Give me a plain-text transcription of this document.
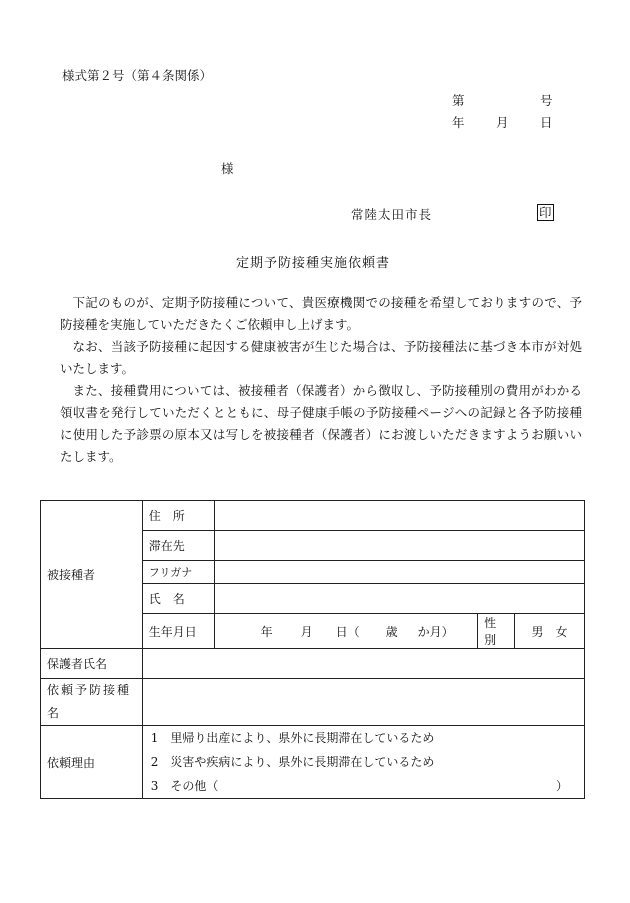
様式第２号（第４条関係）
第	号
年	月	日
様
常陸太田市長	印
定期予防接種実施依頼書

下記のものが、定期予防接種について、貴医療機関での接種を希望しておりますので、予防接種を実施していただきたくご依頼申し上げます。

なお、当該予防接種に起因する健康被害が生じた場合は、予防接種法に基づき本市が対処いたします。

また、接種費用については、被接種者（保護者）から徴収し、予防接種別の費用がわかる領収書を発行していただくとともに、母子健康手帳の予防接種ページへの記録と各予防接種に使用した予診票の原本又は写しを被接種者（保護者）にお渡しいただきますようお願いいたします。

被接種者	住　所			
	滞在先			
	フリガナ			
	氏　名			
	生年月日	年 月 日（ 歳 か月）	性別	男　女
保護者氏名				
依頼予防接種名				
依頼理由	1　里帰り出産により、県外に長期滞在しているため
2　災害や疾病により、県外に長期滞在しているため
3　その他（ ）			
